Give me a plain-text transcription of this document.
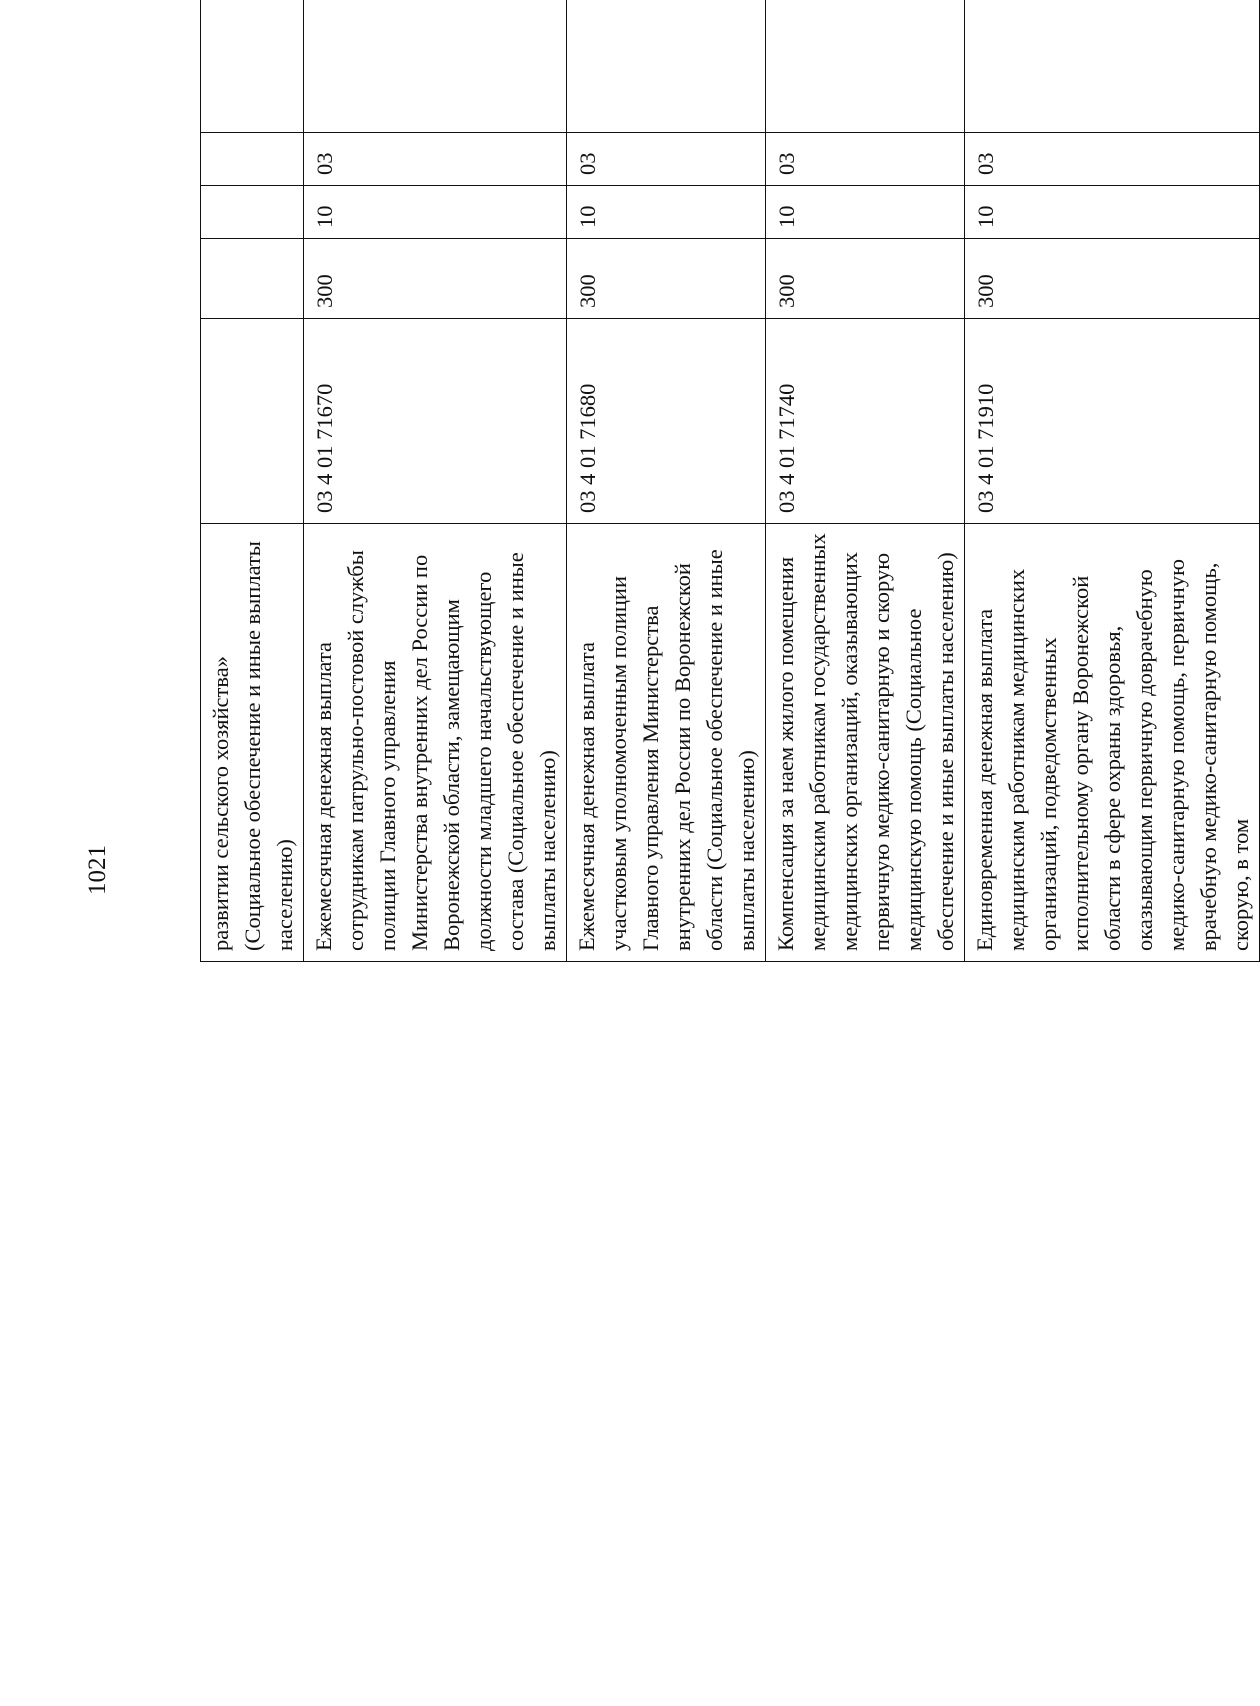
1021	развитии сельского хозяйства» (Социальное обеспечение и иные выплаты населению)							
Ежемесячная денежная выплата сотрудникам патрульно-постовой службы полиции Главного управления Министерства внутренних дел России по Воронежской области, замещающим должности младшего начальствующего состава (Социальное обеспечение и иные выплаты населению)	03 4 01 71670	300	10	03			
Ежемесячная денежная выплата участковым уполномоченным полиции Главного управления Министерства внутренних дел России по Воронежской области (Социальное обеспечение и иные выплаты населению)	03 4 01 71680	300	10	03			
Компенсация за наем жилого помещения медицинским работникам государственных медицинских организаций, оказывающих первичную медико-санитарную и скорую медицинскую помощь (Социальное обеспечение и иные выплаты населению)	03 4 01 71740	300	10	03			
Единовременная денежная выплата медицинским работникам медицинских организаций, подведомственных исполнительному органу Воронежской области в сфере охраны здоровья, оказывающим первичную доврачебную медико-санитарную помощь, первичную врачебную медико-санитарную помощь, скорую, в том	03 4 01 71910	300	10	03			
